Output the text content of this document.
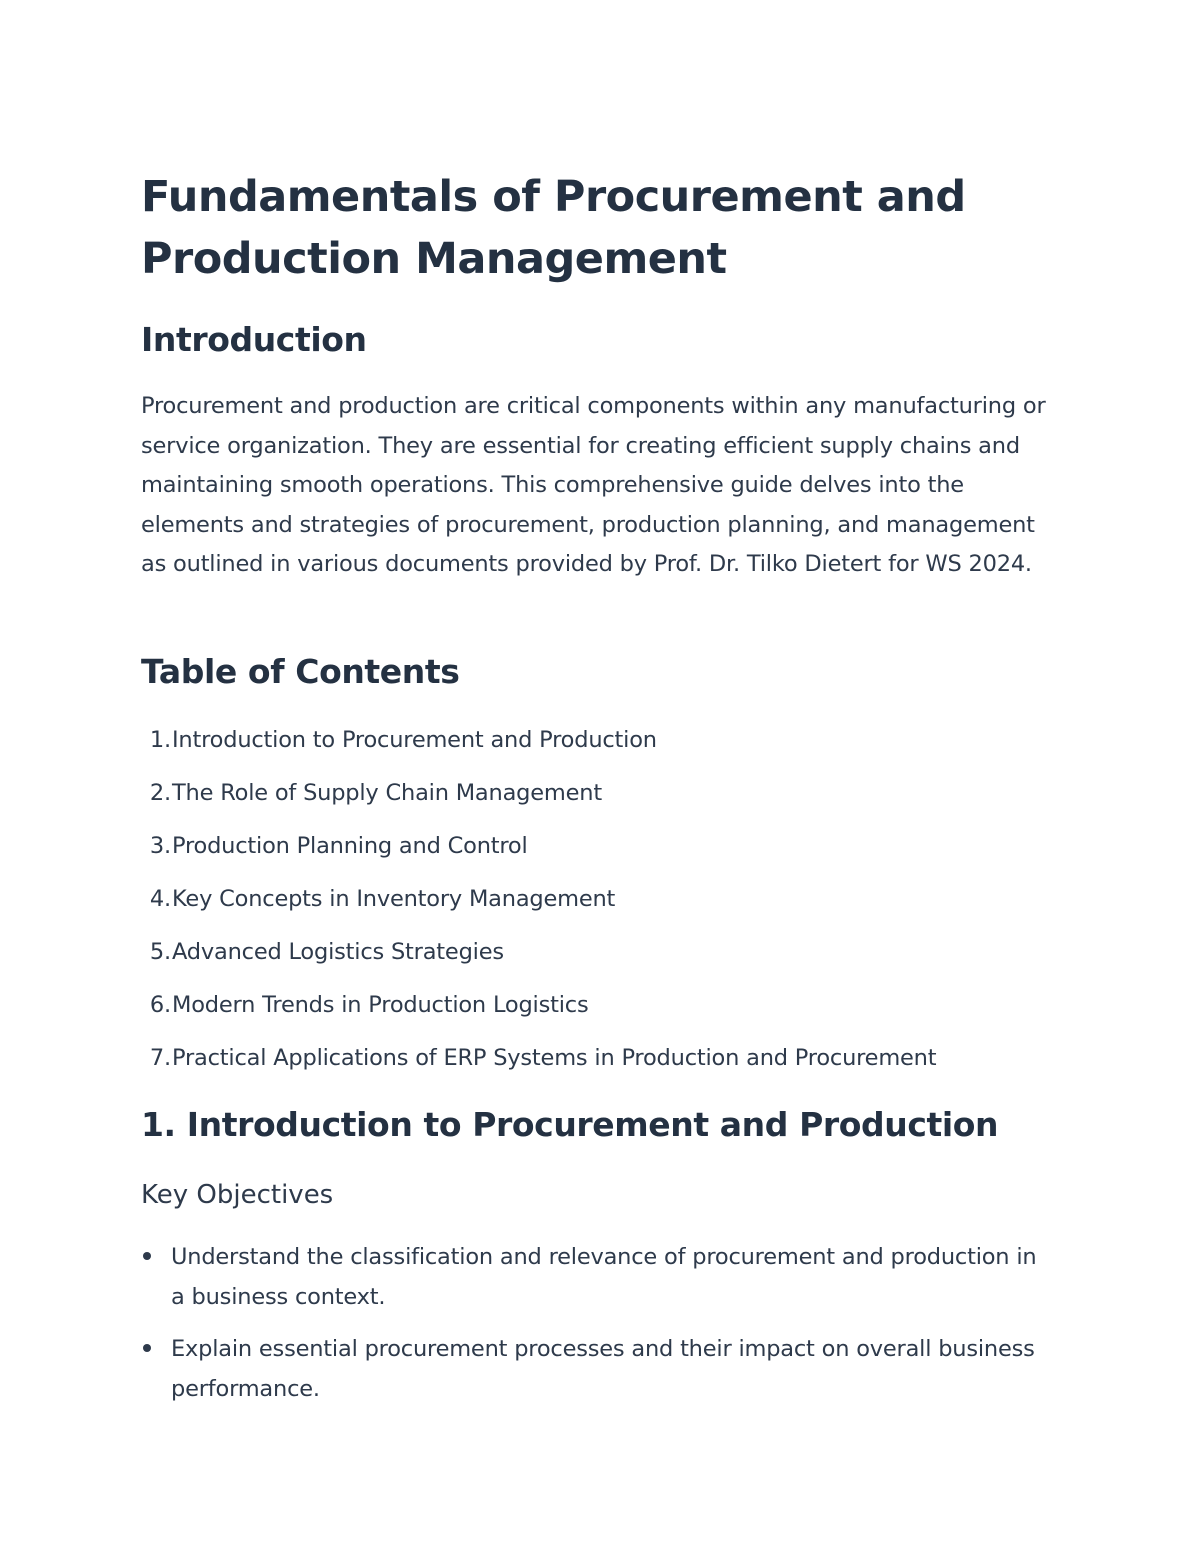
Fundamentals of Procurement and Production Management
Introduction

Procurement and production are critical components within any manufacturing or service organization. They are essential for creating efficient supply chains and maintaining smooth operations. This comprehensive guide delves into the elements and strategies of procurement, production planning, and management as outlined in various documents provided by Prof. Dr. Tilko Dietert for WS 2024.

Table of Contents
1.Introduction to Procurement and Production
2.The Role of Supply Chain Management
3.Production Planning and Control
4.Key Concepts in Inventory Management
5.Advanced Logistics Strategies
6.Modern Trends in Production Logistics
7.Practical Applications of ERP Systems in Production and Procurement
1. Introduction to Procurement and Production
Key Objectives
Understand the classification and relevance of procurement and production in a business context.
Explain essential procurement processes and their impact on overall business performance.
